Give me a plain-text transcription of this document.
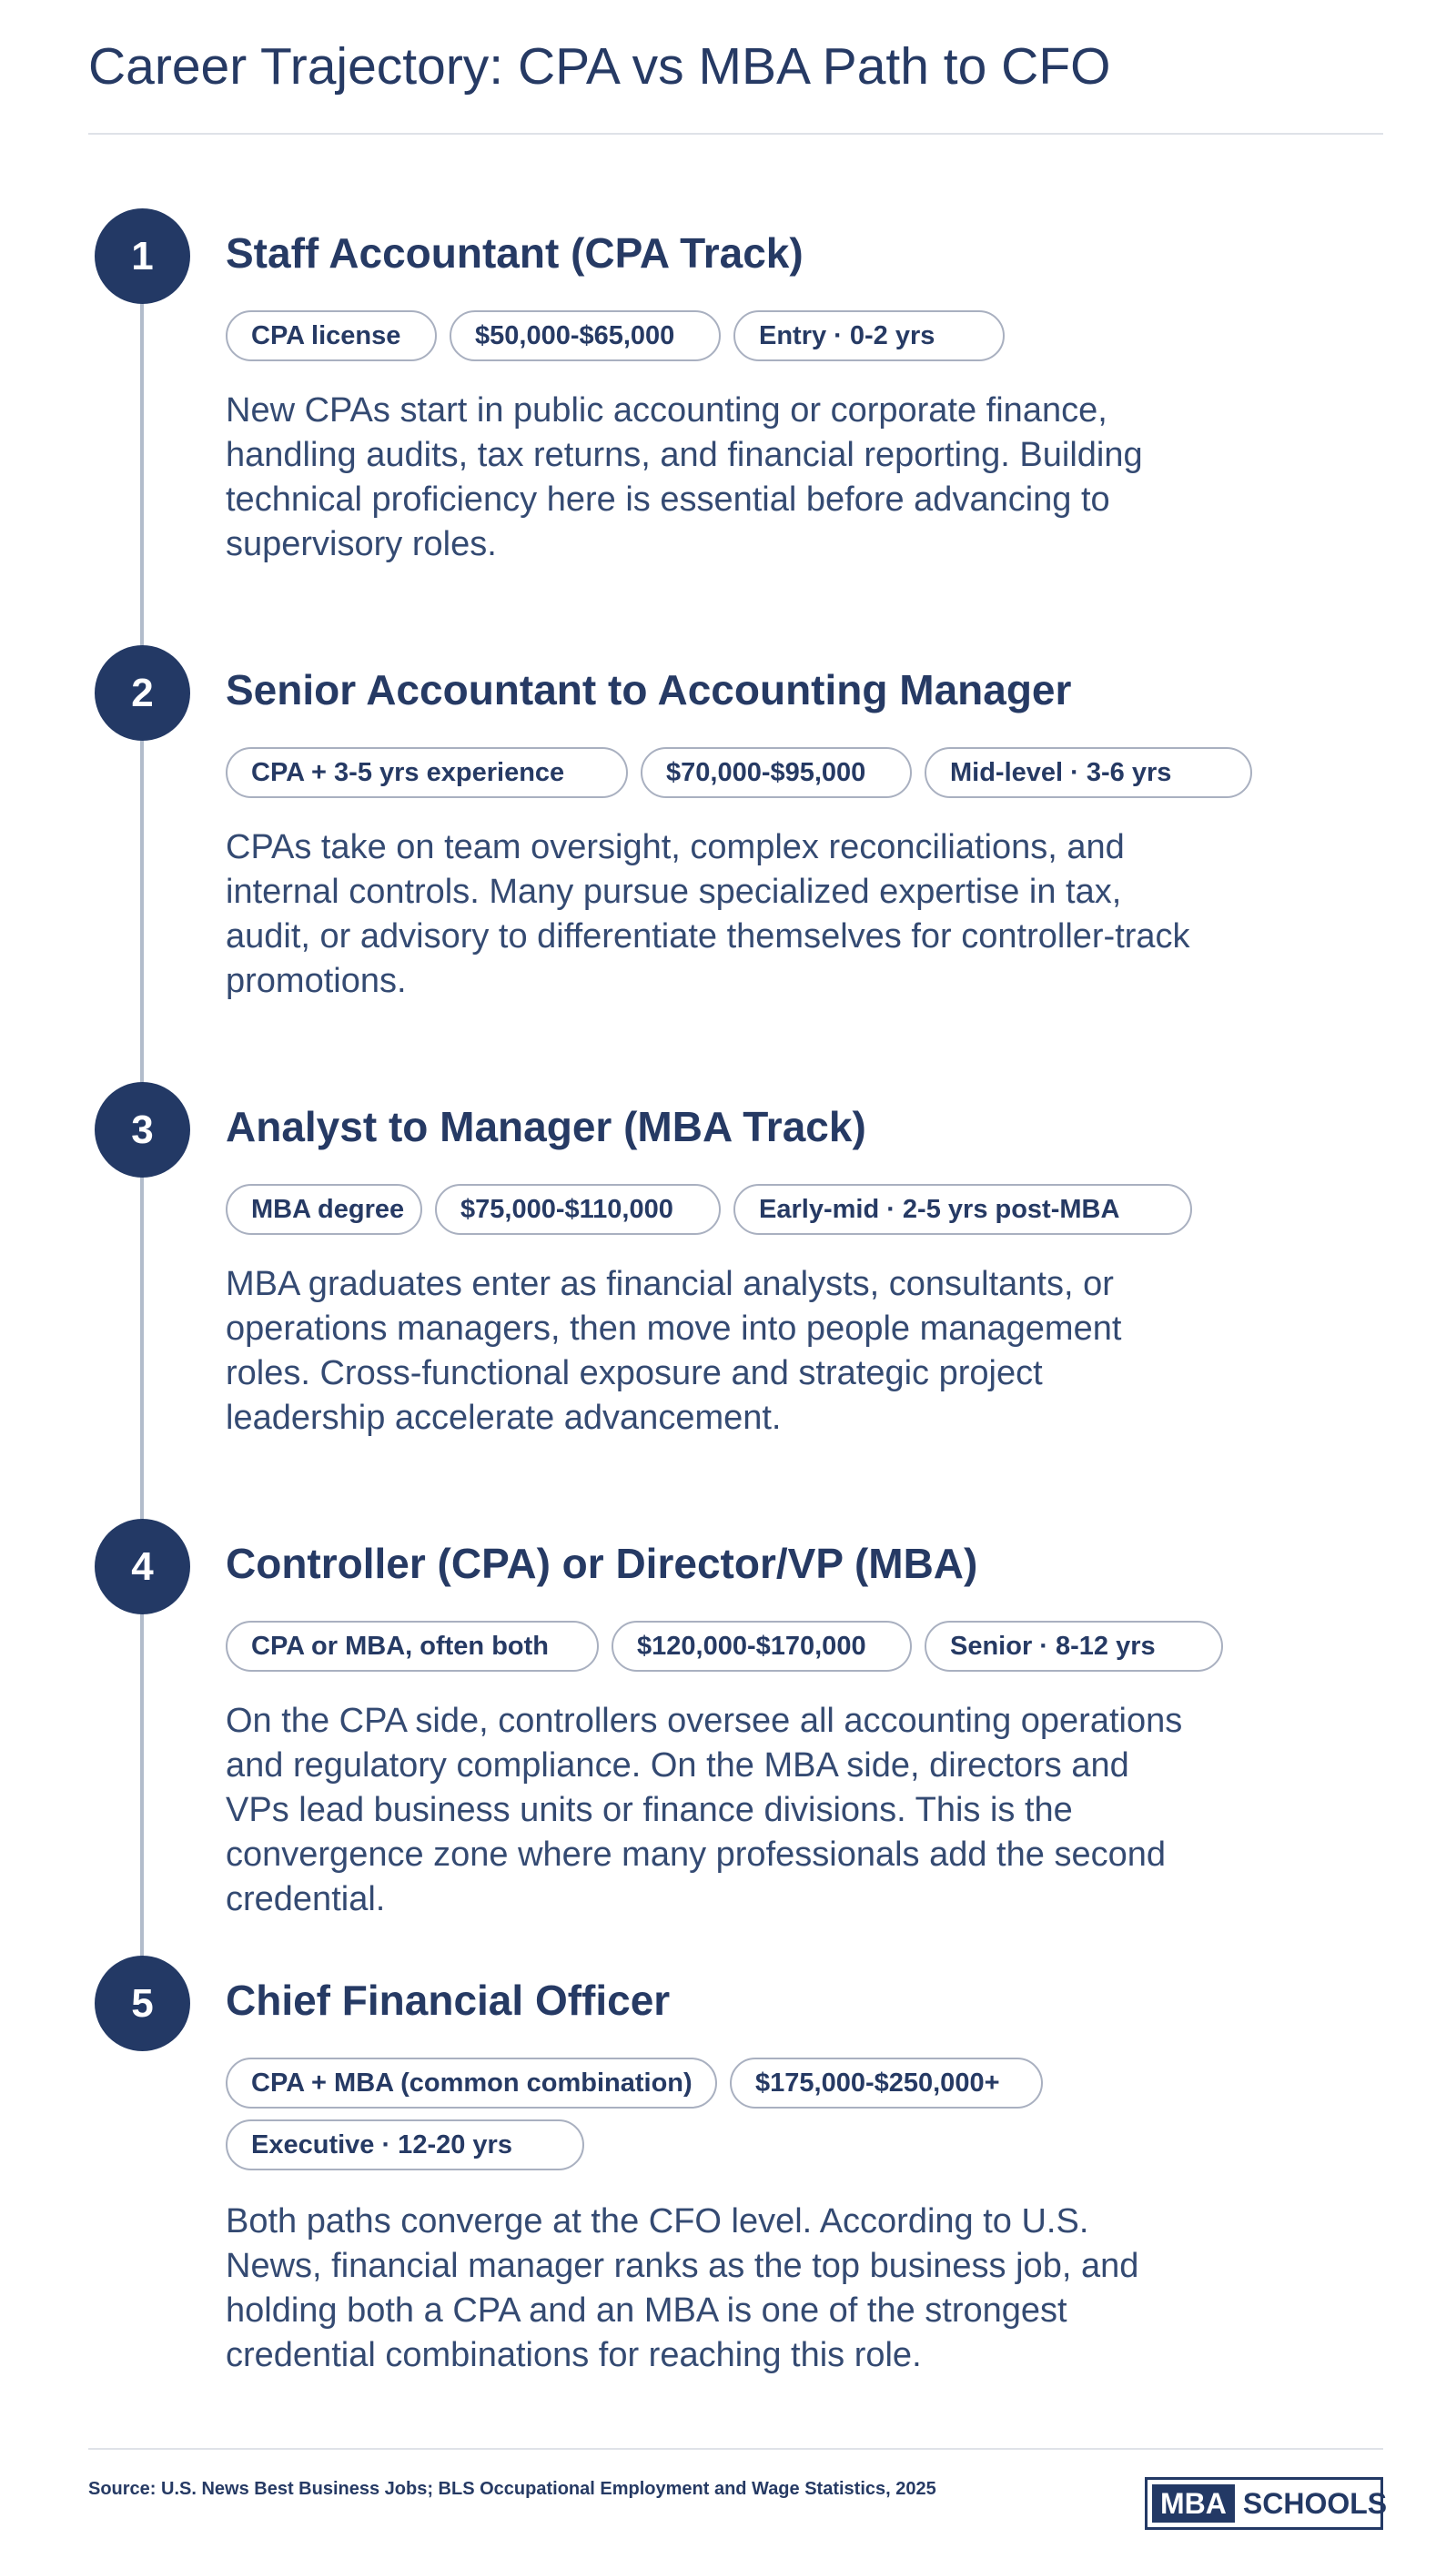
Career Trajectory: CPA vs MBA Path to CFO
1	Staff Accountant (CPA Track)
CPA license	$50,000-$65,000	Entry · 0-2 yrs
New CPAs start in public accounting or corporate finance, handling audits, tax returns, and financial reporting. Building technical proficiency here is essential before advancing to supervisory roles.
2	Senior Accountant to Accounting Manager
CPA + 3-5 yrs experience	$70,000-$95,000	Mid-level · 3-6 yrs
CPAs take on team oversight, complex reconciliations, and internal controls. Many pursue specialized expertise in tax, audit, or advisory to differentiate themselves for controller-track promotions.
3	Analyst to Manager (MBA Track)
MBA degree	$75,000-$110,000	Early-mid · 2-5 yrs post-MBA
MBA graduates enter as financial analysts, consultants, or operations managers, then move into people management roles. Cross-functional exposure and strategic project leadership accelerate advancement.
4	Controller (CPA) or Director/VP (MBA)
CPA or MBA, often both	$120,000-$170,000	Senior · 8-12 yrs
On the CPA side, controllers oversee all accounting operations and regulatory compliance. On the MBA side, directors and VPs lead business units or finance divisions. This is the convergence zone where many professionals add the second credential.
5	Chief Financial Officer
CPA + MBA (common combination)	$175,000-$250,000+
Executive · 12-20 yrs
Both paths converge at the CFO level. According to U.S. News, financial manager ranks as the top business job, and holding both a CPA and an MBA is one of the strongest credential combinations for reaching this role.
Source: U.S. News Best Business Jobs; BLS Occupational Employment and Wage Statistics, 2025	MBA SCHOOLS
